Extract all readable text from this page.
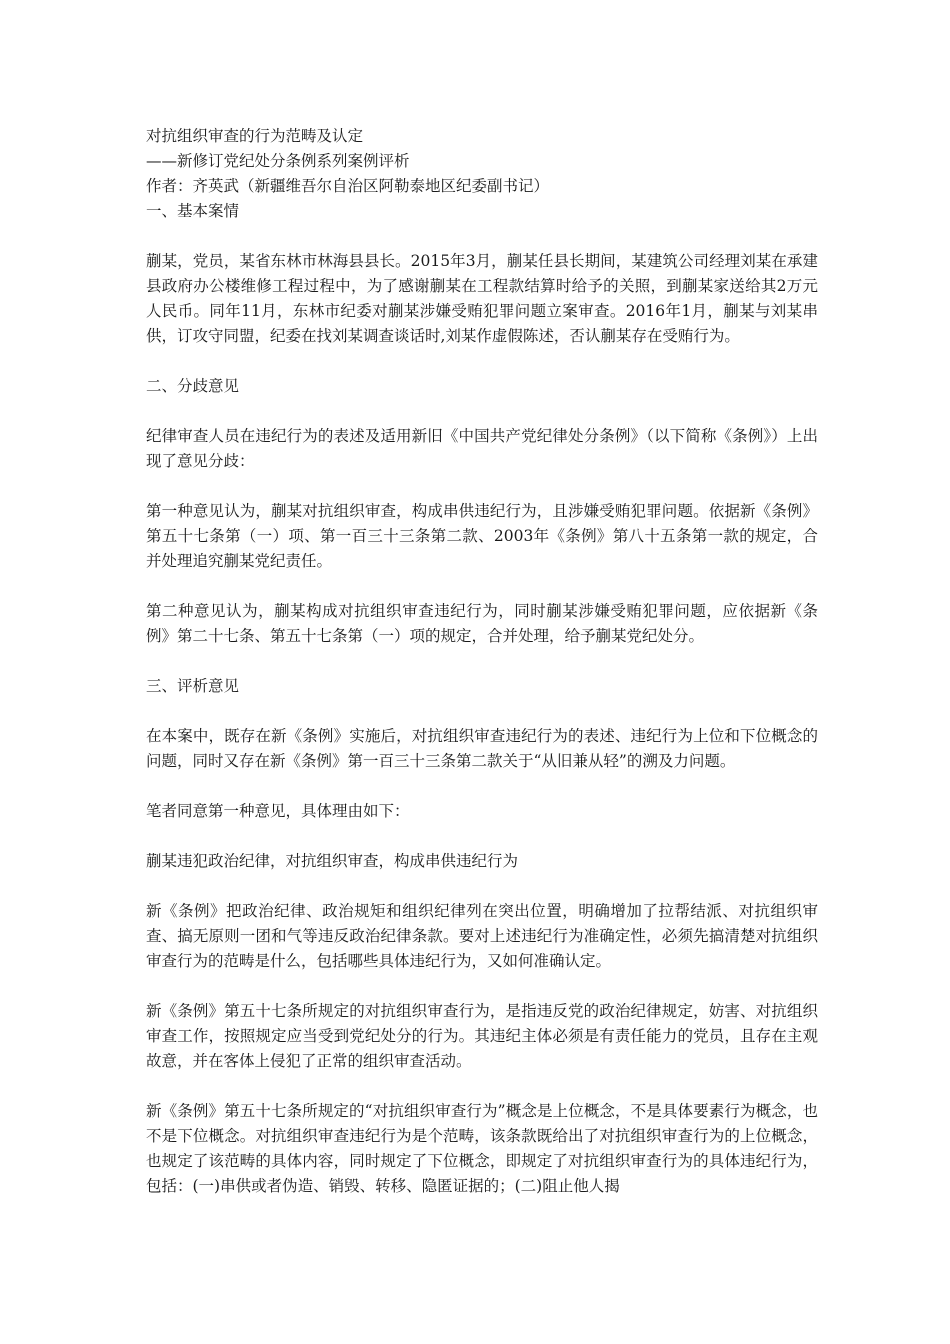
对抗组织审查的行为范畴及认定
——新修订党纪处分条例系列案例评析
作者：齐英武（新疆维吾尔自治区阿勒泰地区纪委副书记）
一、基本案情

蒯某，党员，某省东林市林海县县长。2015年3月，蒯某任县长期间，某建筑公司经理刘某在承建县政府办公楼维修工程过程中，为了感谢蒯某在工程款结算时给予的关照，到蒯某家送给其2万元人民币。同年11月，东林市纪委对蒯某涉嫌受贿犯罪问题立案审查。2016年1月，蒯某与刘某串供，订攻守同盟，纪委在找刘某调查谈话时,刘某作虚假陈述，否认蒯某存在受贿行为。

二、分歧意见

纪律审查人员在违纪行为的表述及适用新旧《中国共产党纪律处分条例》（以下简称《条例》）上出现了意见分歧：

第一种意见认为，蒯某对抗组织审查，构成串供违纪行为，且涉嫌受贿犯罪问题。依据新《条例》第五十七条第（一）项、第一百三十三条第二款、2003年《条例》第八十五条第一款的规定，合并处理追究蒯某党纪责任。

第二种意见认为，蒯某构成对抗组织审查违纪行为，同时蒯某涉嫌受贿犯罪问题，应依据新《条例》第二十七条、第五十七条第（一）项的规定，合并处理，给予蒯某党纪处分。

三、评析意见

在本案中，既存在新《条例》实施后，对抗组织审查违纪行为的表述、违纪行为上位和下位概念的问题，同时又存在新《条例》第一百三十三条第二款关于“从旧兼从轻”的溯及力问题。

笔者同意第一种意见，具体理由如下：

蒯某违犯政治纪律，对抗组织审查，构成串供违纪行为

新《条例》把政治纪律、政治规矩和组织纪律列在突出位置，明确增加了拉帮结派、对抗组织审查、搞无原则一团和气等违反政治纪律条款。要对上述违纪行为准确定性，必须先搞清楚对抗组织审查行为的范畴是什么，包括哪些具体违纪行为，又如何准确认定。

新《条例》第五十七条所规定的对抗组织审查行为，是指违反党的政治纪律规定，妨害、对抗组织审查工作，按照规定应当受到党纪处分的行为。其违纪主体必须是有责任能力的党员，且存在主观故意，并在客体上侵犯了正常的组织审查活动。

新《条例》第五十七条所规定的“对抗组织审查行为”概念是上位概念，不是具体要素行为概念，也不是下位概念。对抗组织审查违纪行为是个范畴，该条款既给出了对抗组织审查行为的上位概念，也规定了该范畴的具体内容，同时规定了下位概念，即规定了对抗组织审查行为的具体违纪行为，包括：(一)串供或者伪造、销毁、转移、隐匿证据的；(二)阻止他人揭
